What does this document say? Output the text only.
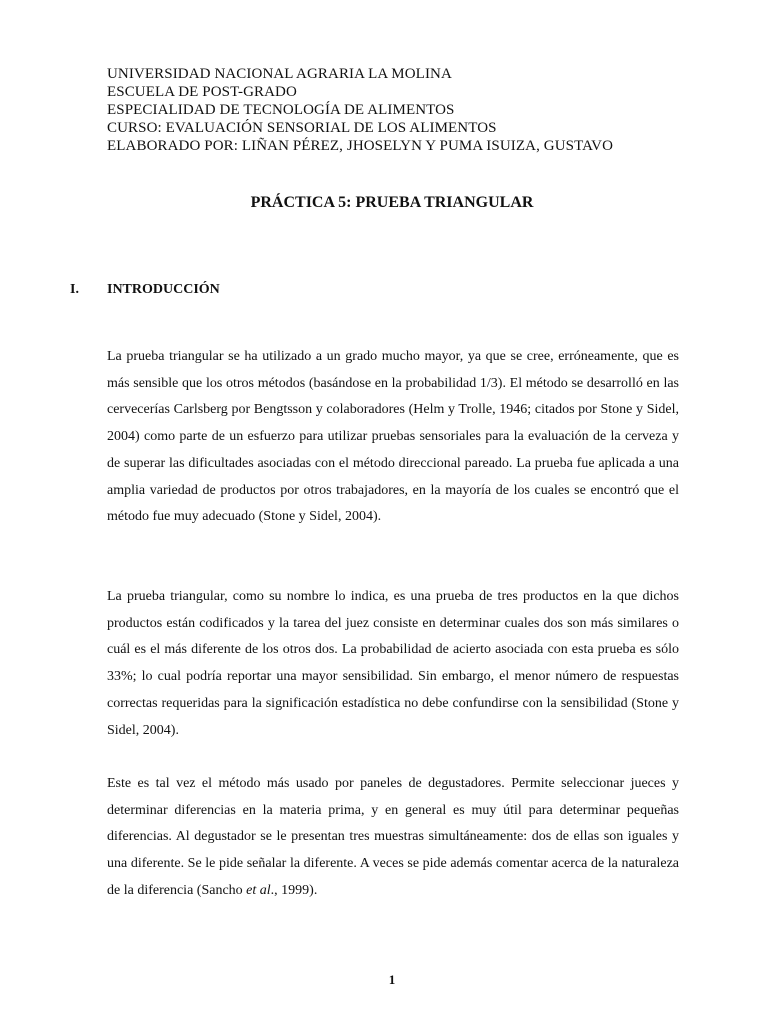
UNIVERSIDAD NACIONAL AGRARIA LA MOLINA
ESCUELA DE POST-GRADO
ESPECIALIDAD DE TECNOLOGÍA DE ALIMENTOS
CURSO: EVALUACIÓN SENSORIAL DE LOS ALIMENTOS
ELABORADO POR: LIÑAN PÉREZ, JHOSELYN Y PUMA ISUIZA, GUSTAVO
PRÁCTICA 5: PRUEBA TRIANGULAR
I.	INTRODUCCIÓN

La prueba triangular se ha utilizado a un grado mucho mayor, ya que se cree, erróneamente, que es más sensible que los otros métodos (basándose en la probabilidad 1/3). El método se desarrolló en las cervecerías Carlsberg por Bengtsson y colaboradores (Helm y Trolle, 1946; citados por Stone y Sidel, 2004) como parte de un esfuerzo para utilizar pruebas sensoriales para la evaluación de la cerveza y de superar las dificultades asociadas con el método direccional pareado. La prueba fue aplicada a una amplia variedad de productos por otros trabajadores, en la mayoría de los cuales se encontró que el método fue muy adecuado (Stone y Sidel, 2004).

La prueba triangular, como su nombre lo indica, es una prueba de tres productos en la que dichos productos están codificados y la tarea del juez consiste en determinar cuales dos son más similares o cuál es el más diferente de los otros dos. La probabilidad de acierto asociada con esta prueba es sólo 33%; lo cual podría reportar una mayor sensibilidad. Sin embargo, el menor número de respuestas correctas requeridas para la significación estadística no debe confundirse con la sensibilidad (Stone y Sidel, 2004).

Este es tal vez el método más usado por paneles de degustadores. Permite seleccionar jueces y determinar diferencias en la materia prima, y en general es muy útil para determinar pequeñas diferencias. Al degustador se le presentan tres muestras simultáneamente: dos de ellas son iguales y una diferente. Se le pide señalar la diferente. A veces se pide además comentar acerca de la naturaleza de la diferencia (Sancho et al., 1999).

1
